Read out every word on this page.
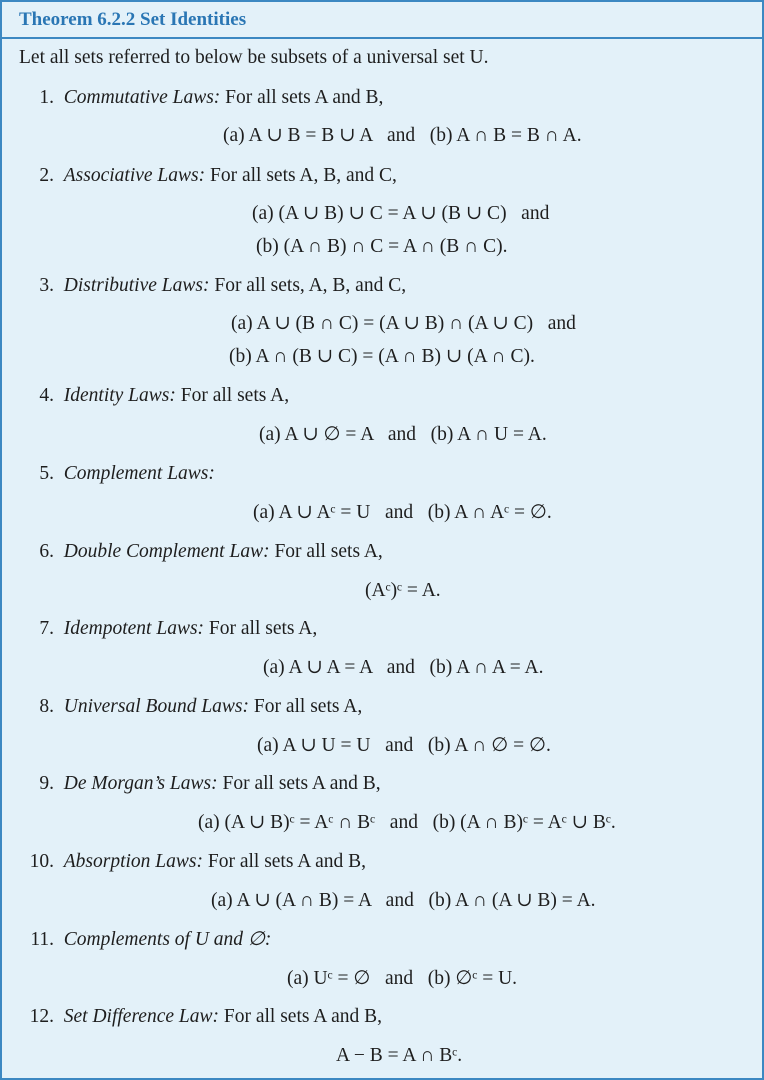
Theorem 6.2.2 Set Identities
Let all sets referred to below be subsets of a universal set U.
1. Commutative Laws: For all sets A and B,
(a) A ∪ B = B ∪ A   and   (b) A ∩ B = B ∩ A.
2. Associative Laws: For all sets A, B, and C,
(a) (A ∪ B) ∪ C = A ∪ (B ∪ C)   and
(b) (A ∩ B) ∩ C = A ∩ (B ∩ C).
3. Distributive Laws: For all sets, A, B, and C,
(a) A ∪ (B ∩ C) = (A ∪ B) ∩ (A ∪ C)   and
(b) A ∩ (B ∪ C) = (A ∩ B) ∪ (A ∩ C).
4. Identity Laws: For all sets A,
(a) A ∪ ∅ = A   and   (b) A ∩ U = A.
5. Complement Laws:
(a) A ∪ Aᶜ = U   and   (b) A ∩ Aᶜ = ∅.
6. Double Complement Law: For all sets A,
(Aᶜ)ᶜ = A.
7. Idempotent Laws: For all sets A,
(a) A ∪ A = A   and   (b) A ∩ A = A.
8. Universal Bound Laws: For all sets A,
(a) A ∪ U = U   and   (b) A ∩ ∅ = ∅.
9. De Morgan’s Laws: For all sets A and B,
(a) (A ∪ B)ᶜ = Aᶜ ∩ Bᶜ   and   (b) (A ∩ B)ᶜ = Aᶜ ∪ Bᶜ.
10. Absorption Laws: For all sets A and B,
(a) A ∪ (A ∩ B) = A   and   (b) A ∩ (A ∪ B) = A.
11. Complements of U and ∅:
(a) Uᶜ = ∅   and   (b) ∅ᶜ = U.
12. Set Difference Law: For all sets A and B,
A − B = A ∩ Bᶜ.
